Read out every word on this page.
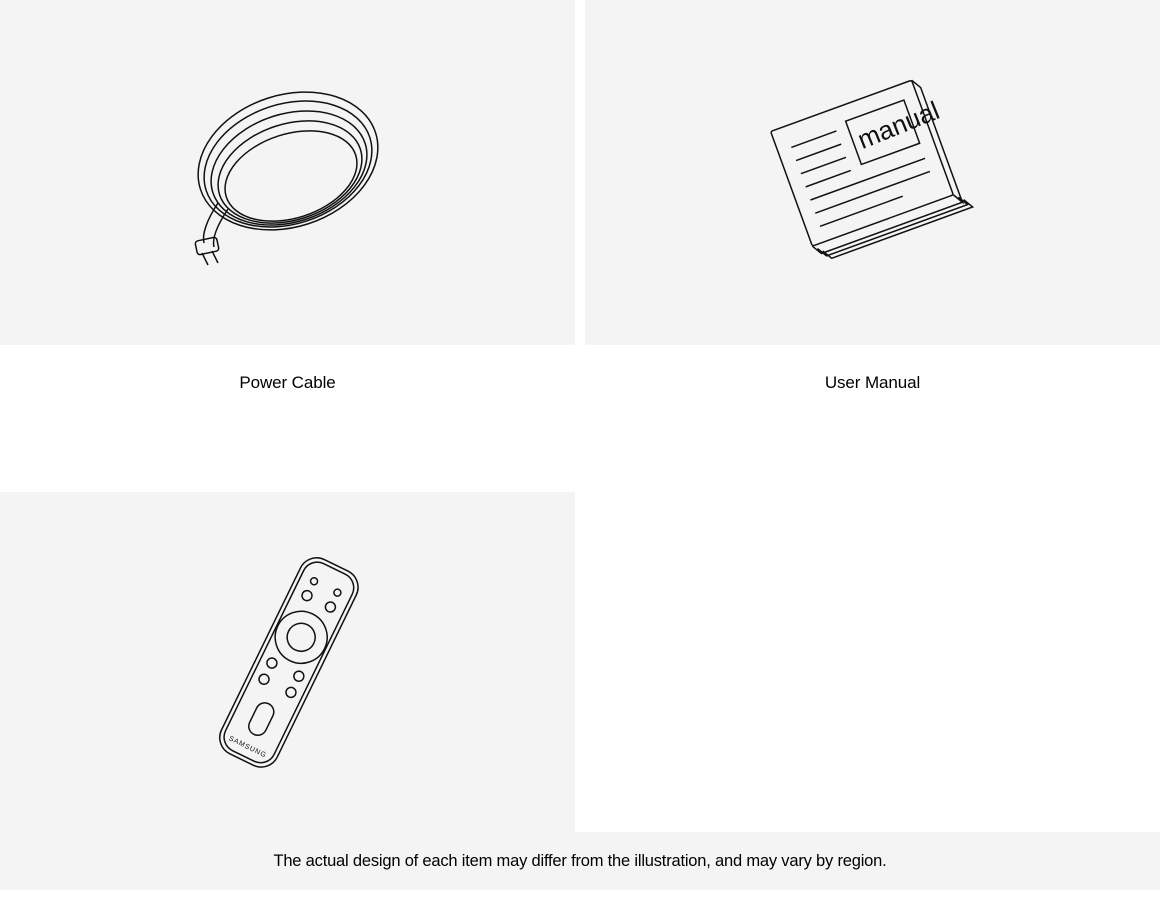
Power Cable
manual
User Manual
SAMSUNG
The actual design of each item may differ from the illustration, and may vary by region.
